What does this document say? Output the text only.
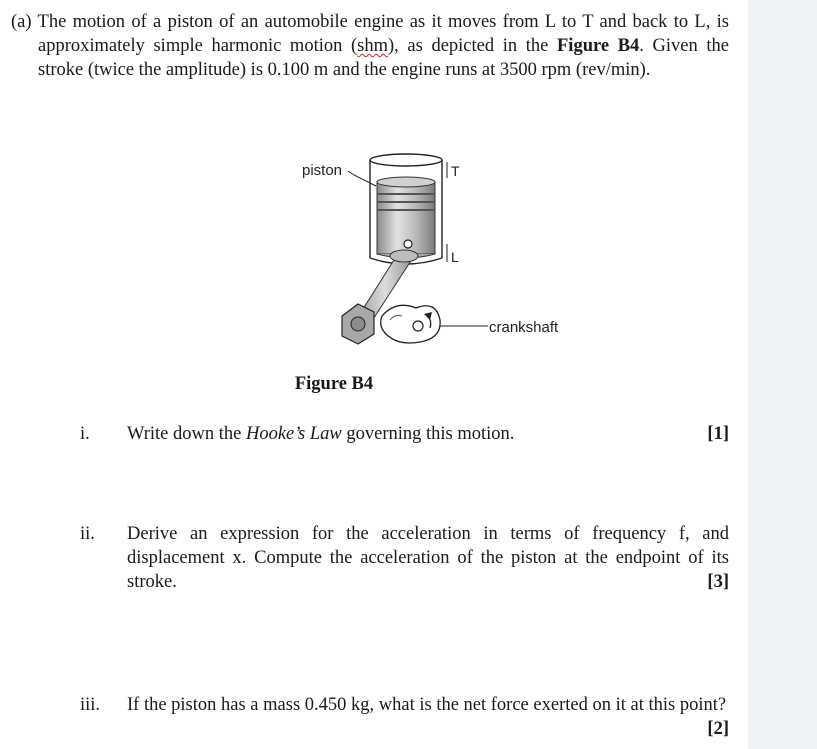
(a) The motion of a piston of an automobile engine as it moves from L to T and back to L, is approximately simple harmonic motion (shm), as depicted in the Figure B4. Given the stroke (twice the amplitude) is 0.100 m and the engine runs at 3500 rpm (rev/min).
piston	T
L
crankshaft
Figure B4
i. Write down the Hooke’s Law governing this motion.	[1]
ii. Derive an expression for the acceleration in terms of frequency f, and displacement x. Compute the acceleration of the piston at the endpoint of its stroke.	[3]
iii. If the piston has a mass 0.450 kg, what is the net force exerted on it at this point?
[2]
